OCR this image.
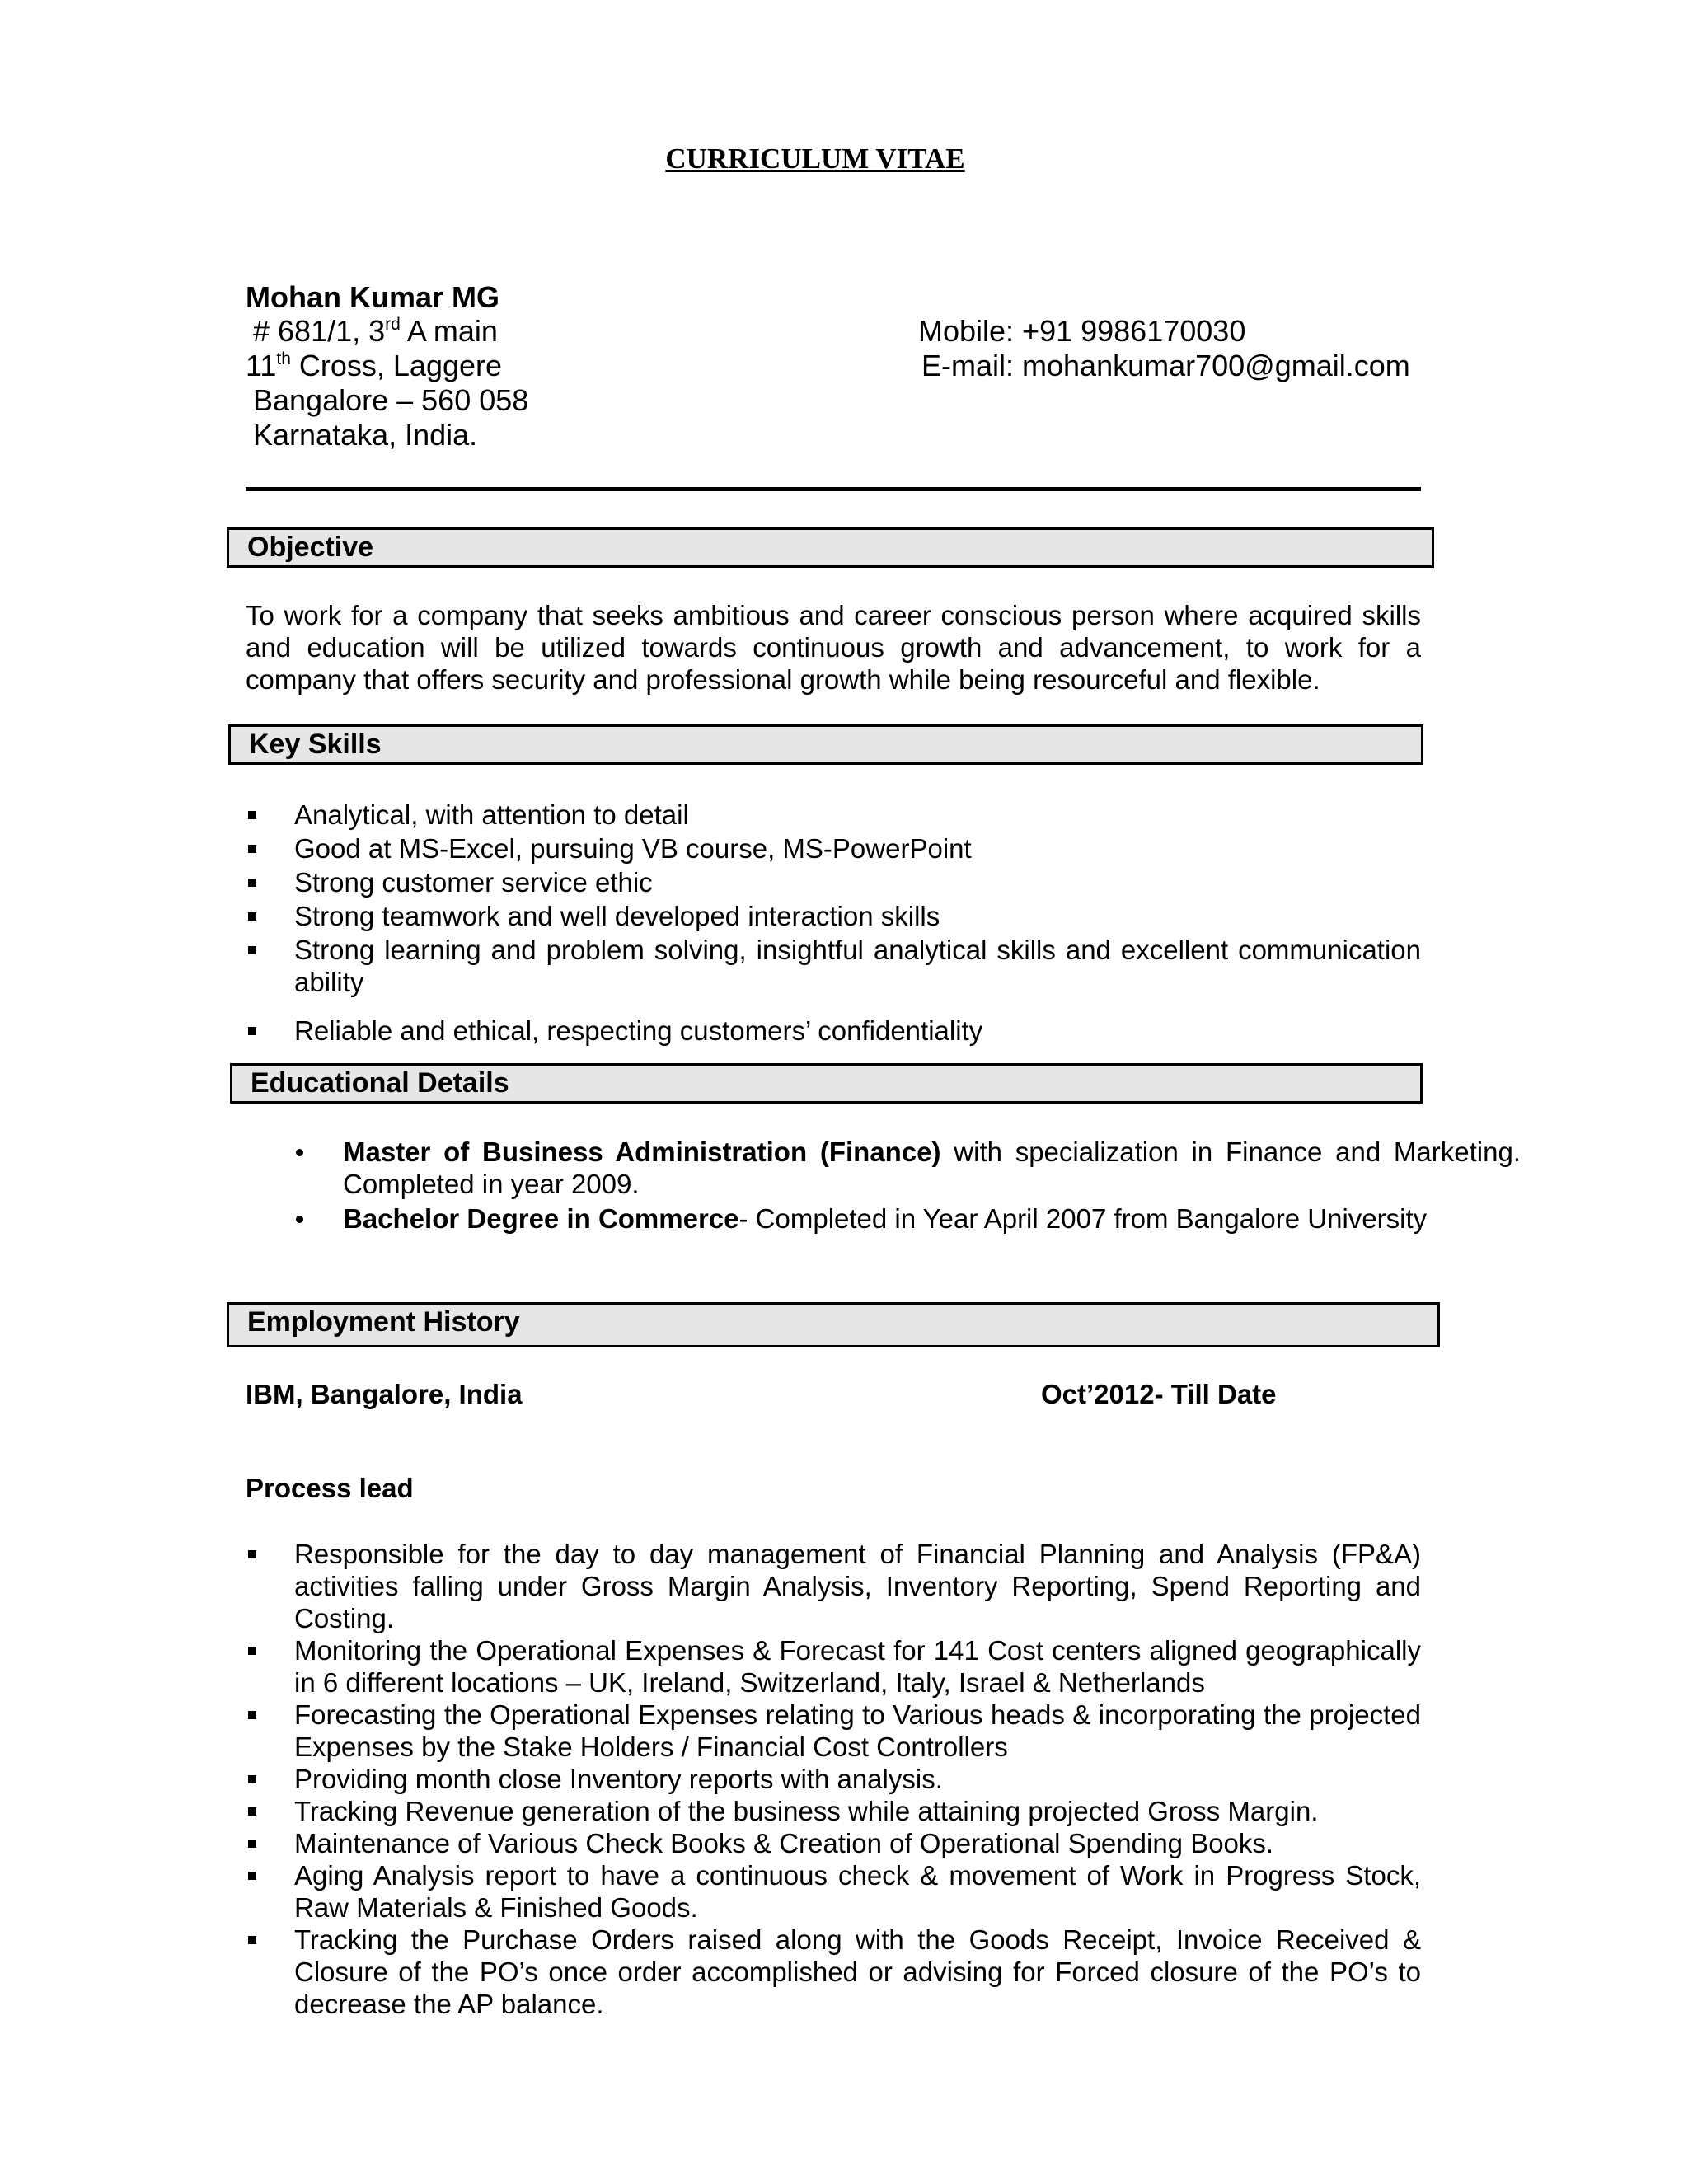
CURRICULUM VITAE
Mohan Kumar MG
# 681/1, 3rd A main
11th Cross, Laggere
Bangalore – 560 058
Karnataka, India.
Mobile: +91 9986170030
E-mail: mohankumar700@gmail.com
Objective
To work for a company that seeks ambitious and career conscious person where acquired skills and education will be utilized towards continuous growth and advancement, to work for a company that offers security and professional growth while being resourceful and flexible.
Key Skills
Analytical, with attention to detail
Good at MS-Excel, pursuing VB course, MS-PowerPoint
Strong customer service ethic
Strong teamwork and well developed interaction skills
Strong learning and problem solving, insightful analytical skills and excellent communication ability
Reliable and ethical, respecting customers’ confidentiality
Educational Details
Master of Business Administration (Finance) with specialization in Finance and Marketing. Completed in year 2009.
Bachelor Degree in Commerce- Completed in Year April 2007 from Bangalore University
Employment History
IBM, Bangalore, India	Oct’2012- Till Date
Process lead
Responsible for the day to day management of Financial Planning and Analysis (FP&A) activities falling under Gross Margin Analysis, Inventory Reporting, Spend Reporting and Costing.
Monitoring the Operational Expenses & Forecast for 141 Cost centers aligned geographically in 6 different locations – UK, Ireland, Switzerland, Italy, Israel & Netherlands
Forecasting the Operational Expenses relating to Various heads & incorporating the projected Expenses by the Stake Holders / Financial Cost Controllers
Providing month close Inventory reports with analysis.
Tracking Revenue generation of the business while attaining projected Gross Margin.
Maintenance of Various Check Books & Creation of Operational Spending Books.
Aging Analysis report to have a continuous check & movement of Work in Progress Stock, Raw Materials & Finished Goods.
Tracking the Purchase Orders raised along with the Goods Receipt, Invoice Received & Closure of the PO’s once order accomplished or advising for Forced closure of the PO’s to decrease the AP balance.
